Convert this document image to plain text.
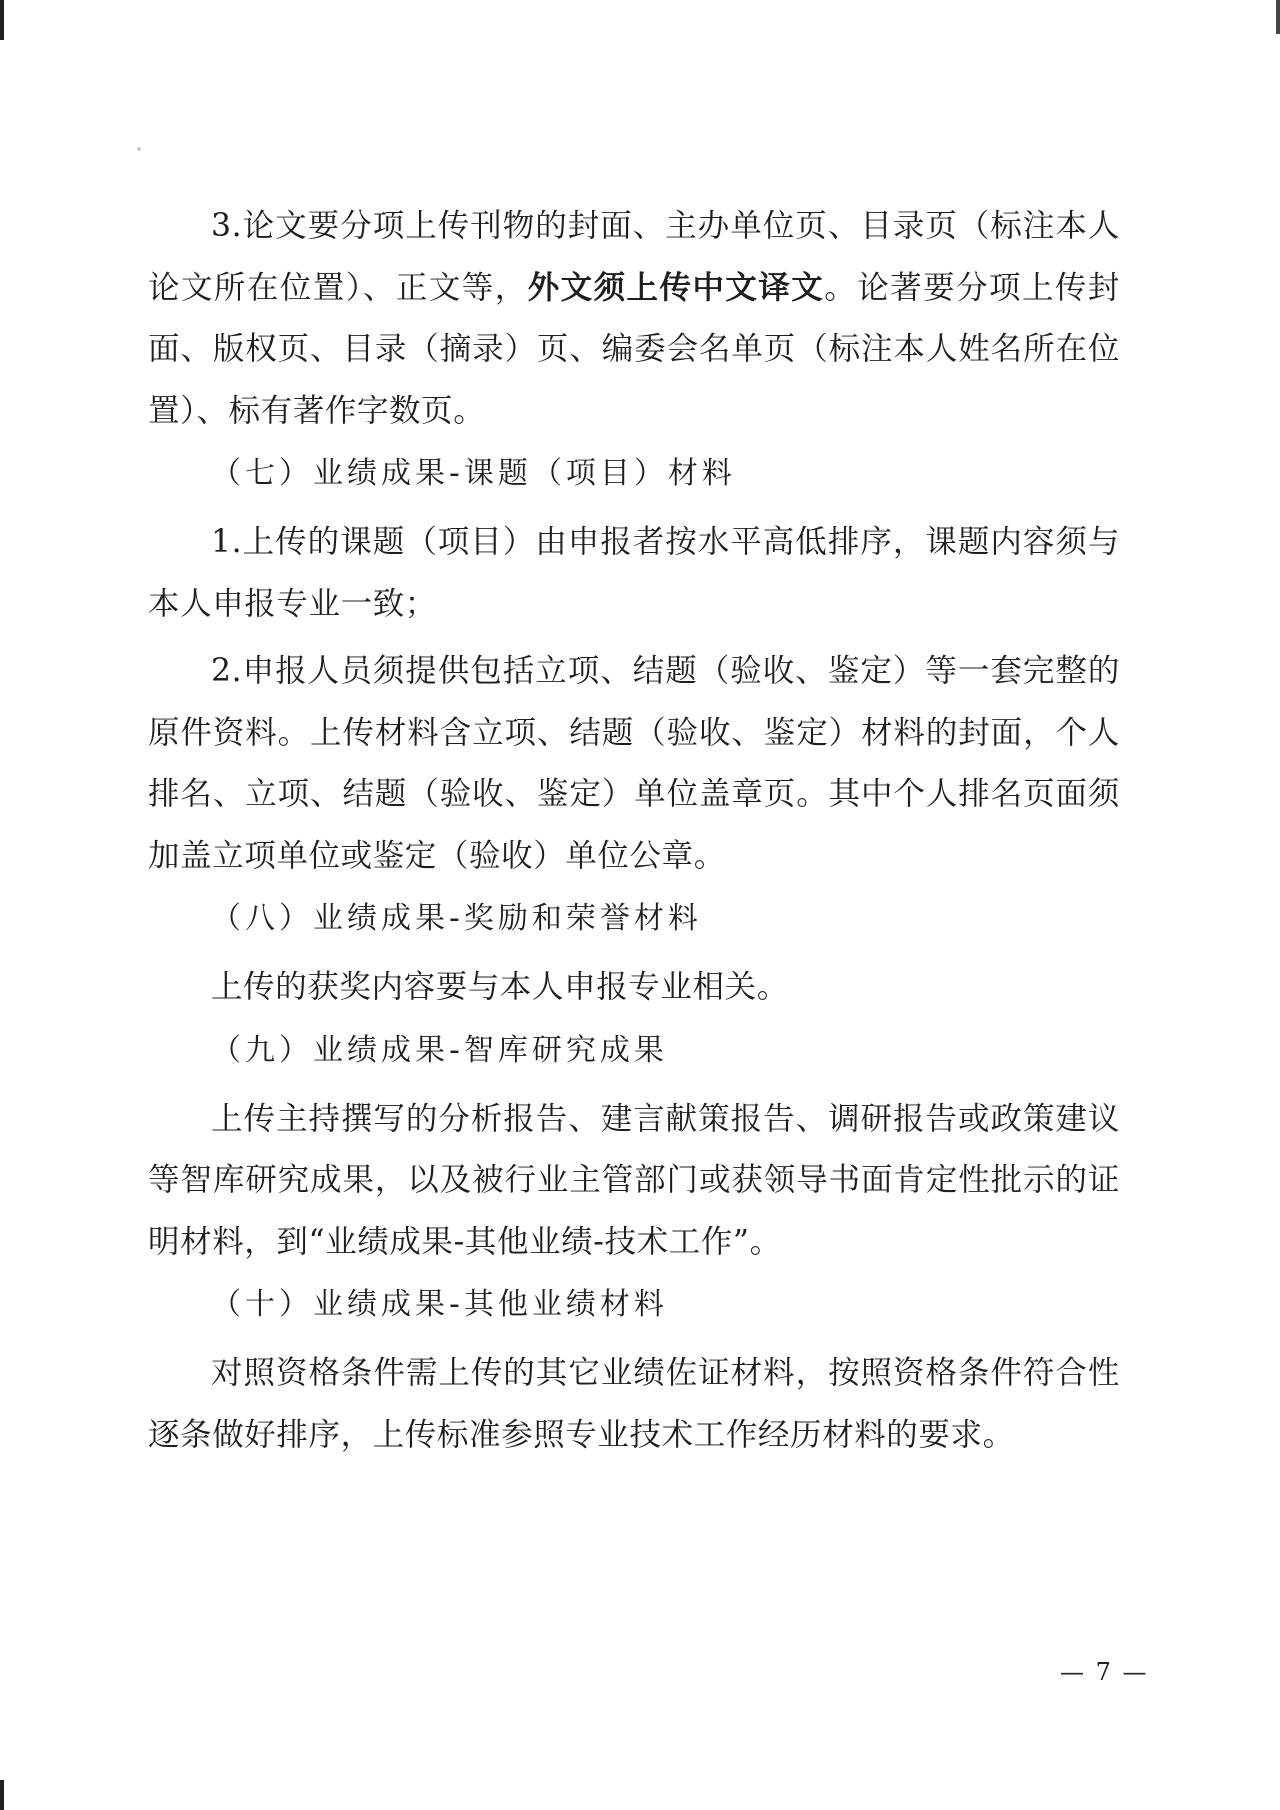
3.论文要分项上传刊物的封面、主办单位页、目录页（标注本人论文所在位置）、正文等，外文须上传中文译文。论著要分项上传封面、版权页、目录（摘录）页、编委会名单页（标注本人姓名所在位置）、标有著作字数页。

（七）业绩成果-课题（项目）材料

1.上传的课题（项目）由申报者按水平高低排序，课题内容须与本人申报专业一致；

2.申报人员须提供包括立项、结题（验收、鉴定）等一套完整的原件资料。上传材料含立项、结题（验收、鉴定）材料的封面，个人排名、立项、结题（验收、鉴定）单位盖章页。其中个人排名页面须加盖立项单位或鉴定（验收）单位公章。

（八）业绩成果-奖励和荣誉材料

上传的获奖内容要与本人申报专业相关。

（九）业绩成果-智库研究成果

上传主持撰写的分析报告、建言献策报告、调研报告或政策建议等智库研究成果，以及被行业主管部门或获领导书面肯定性批示的证明材料，到“业绩成果-其他业绩-技术工作”。

（十）业绩成果-其他业绩材料

对照资格条件需上传的其它业绩佐证材料，按照资格条件符合性逐条做好排序，上传标准参照专业技术工作经历材料的要求。

— 7 —
